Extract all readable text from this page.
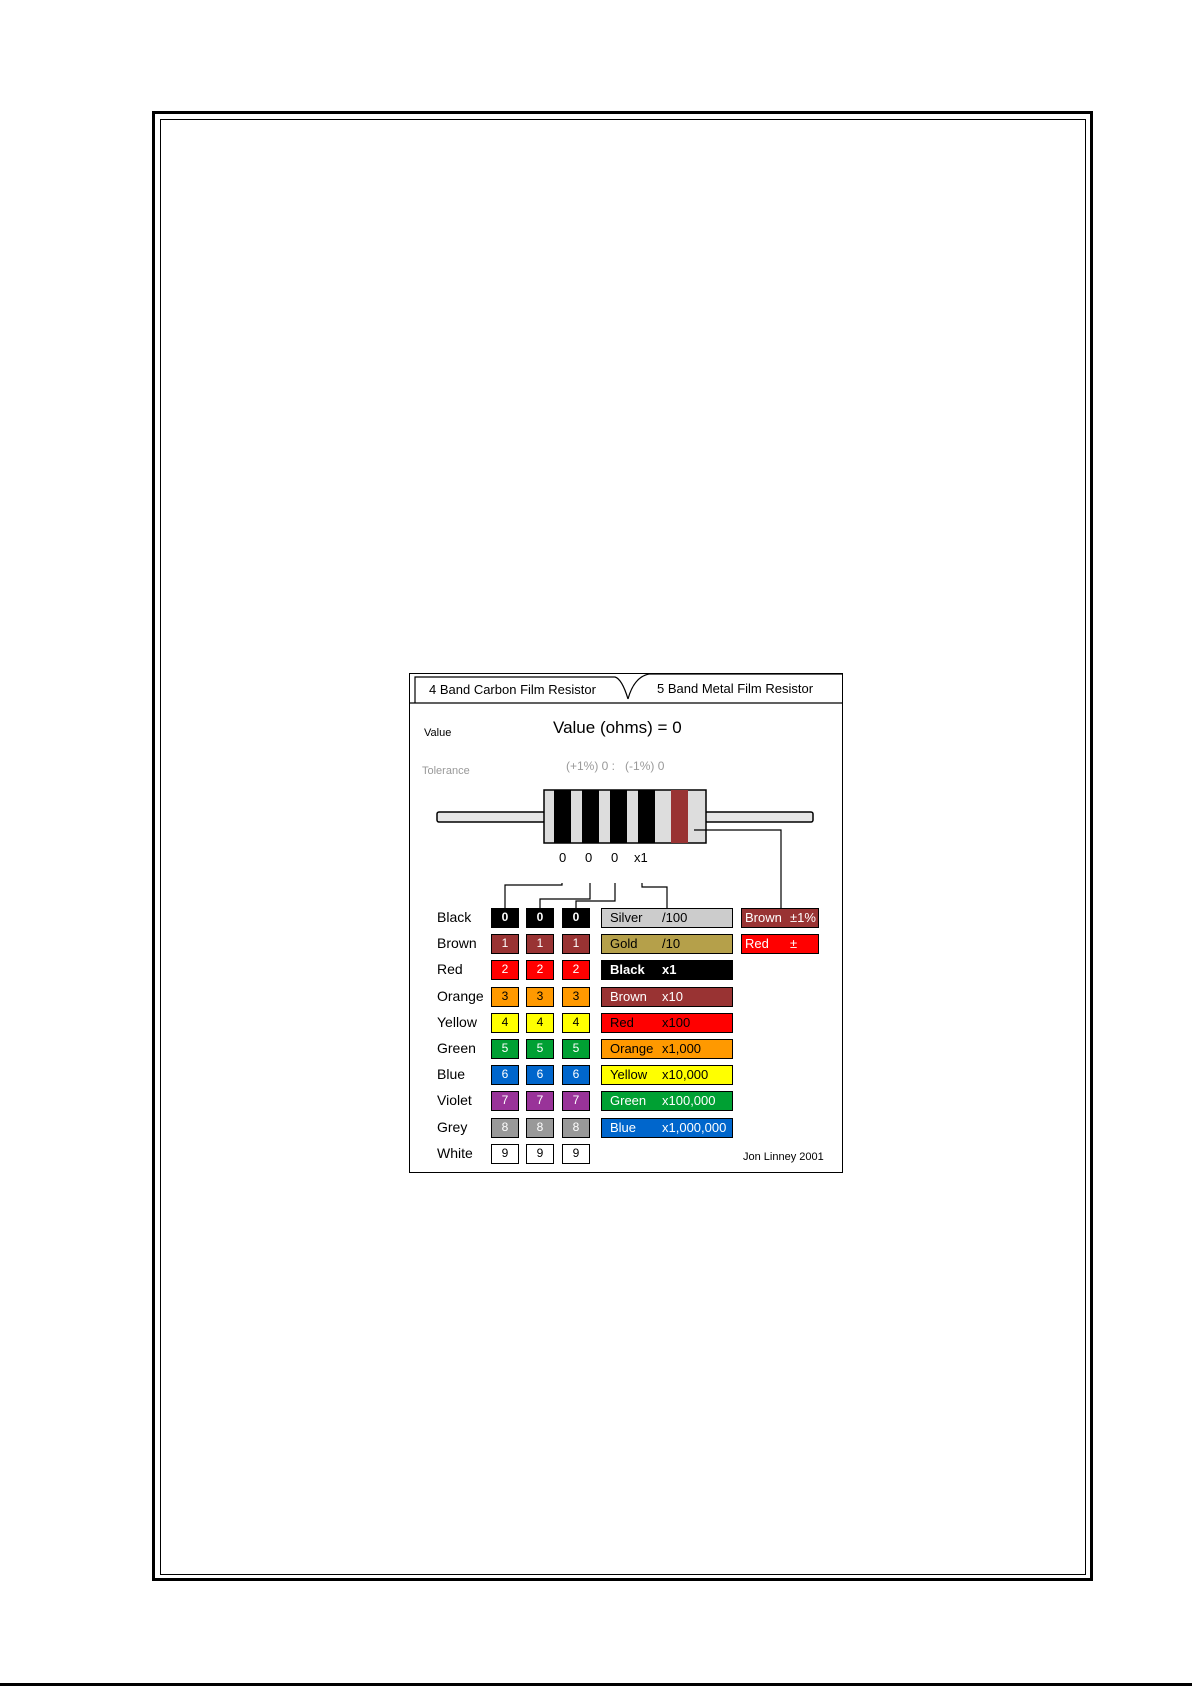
4 Band Carbon Film Resistor	5 Band Metal Film Resistor
Value	Value (ohms) = 0
Tolerance	(+1%) 0 :   (-1%) 0
0 0 0 x1
Black	0	0	0
Brown	1	1	1
Red	2	2	2
Orange	3	3	3
Yellow	4	4	4
Green	5	5	5
Blue	6	6	6
Violet	7	7	7
Grey	8	8	8
White	9	9	9
Silver /100
Gold /10
Black x1
Brown x10
Red x100
Orange x1,000
Yellow x10,000
Green x100,000
Blue x1,000,000
Brown ±1%
Red ± 2%
Jon Linney 2001
